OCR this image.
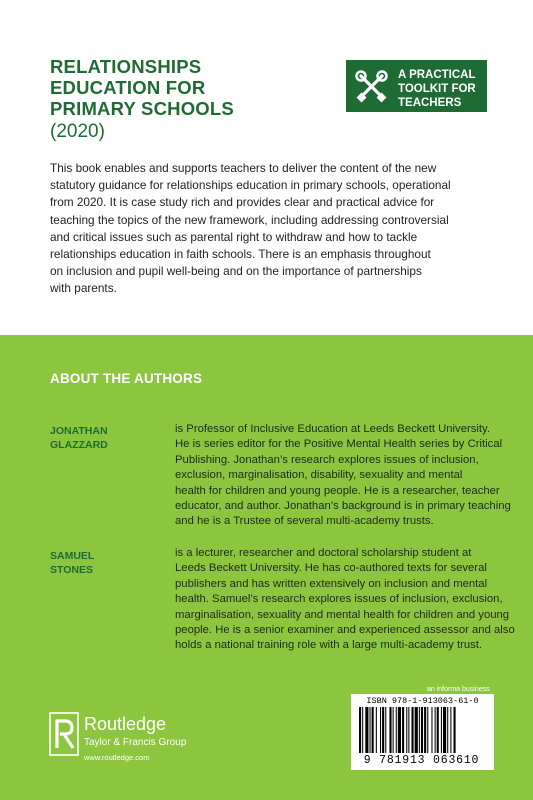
RELATIONSHIPS
EDUCATION FOR
PRIMARY SCHOOLS
(2020)
A PRACTICAL
TOOLKIT FOR
TEACHERS
This book enables and supports teachers to deliver the content of the new
statutory guidance for relationships education in primary schools, operational
from 2020. It is case study rich and provides clear and practical advice for
teaching the topics of the new framework, including addressing controversial
and critical issues such as parental right to withdraw and how to tackle
relationships education in faith schools. There is an emphasis throughout
on inclusion and pupil well-being and on the importance of partnerships
with parents.
ABOUT THE AUTHORS
JONATHAN
GLAZZARD
is Professor of Inclusive Education at Leeds Beckett University.
He is series editor for the Positive Mental Health series by Critical
Publishing. Jonathan’s research explores issues of inclusion,
exclusion, marginalisation, disability, sexuality and mental
health for children and young people. He is a researcher, teacher
educator, and author. Jonathan’s background is in primary teaching
and he is a Trustee of several multi-academy trusts.
SAMUEL
STONES
is a lecturer, researcher and doctoral scholarship student at
Leeds Beckett University. He has co-authored texts for several
publishers and has written extensively on inclusion and mental
health. Samuel’s research explores issues of inclusion, exclusion,
marginalisation, sexuality and mental health for children and young
people. He is a senior examiner and experienced assessor and also
holds a national training role with a large multi-academy trust.
Routledge
Taylor & Francis Group
www.routledge.com
an informa business
ISBN 978-1-913063-61-0
9 781913 063610
